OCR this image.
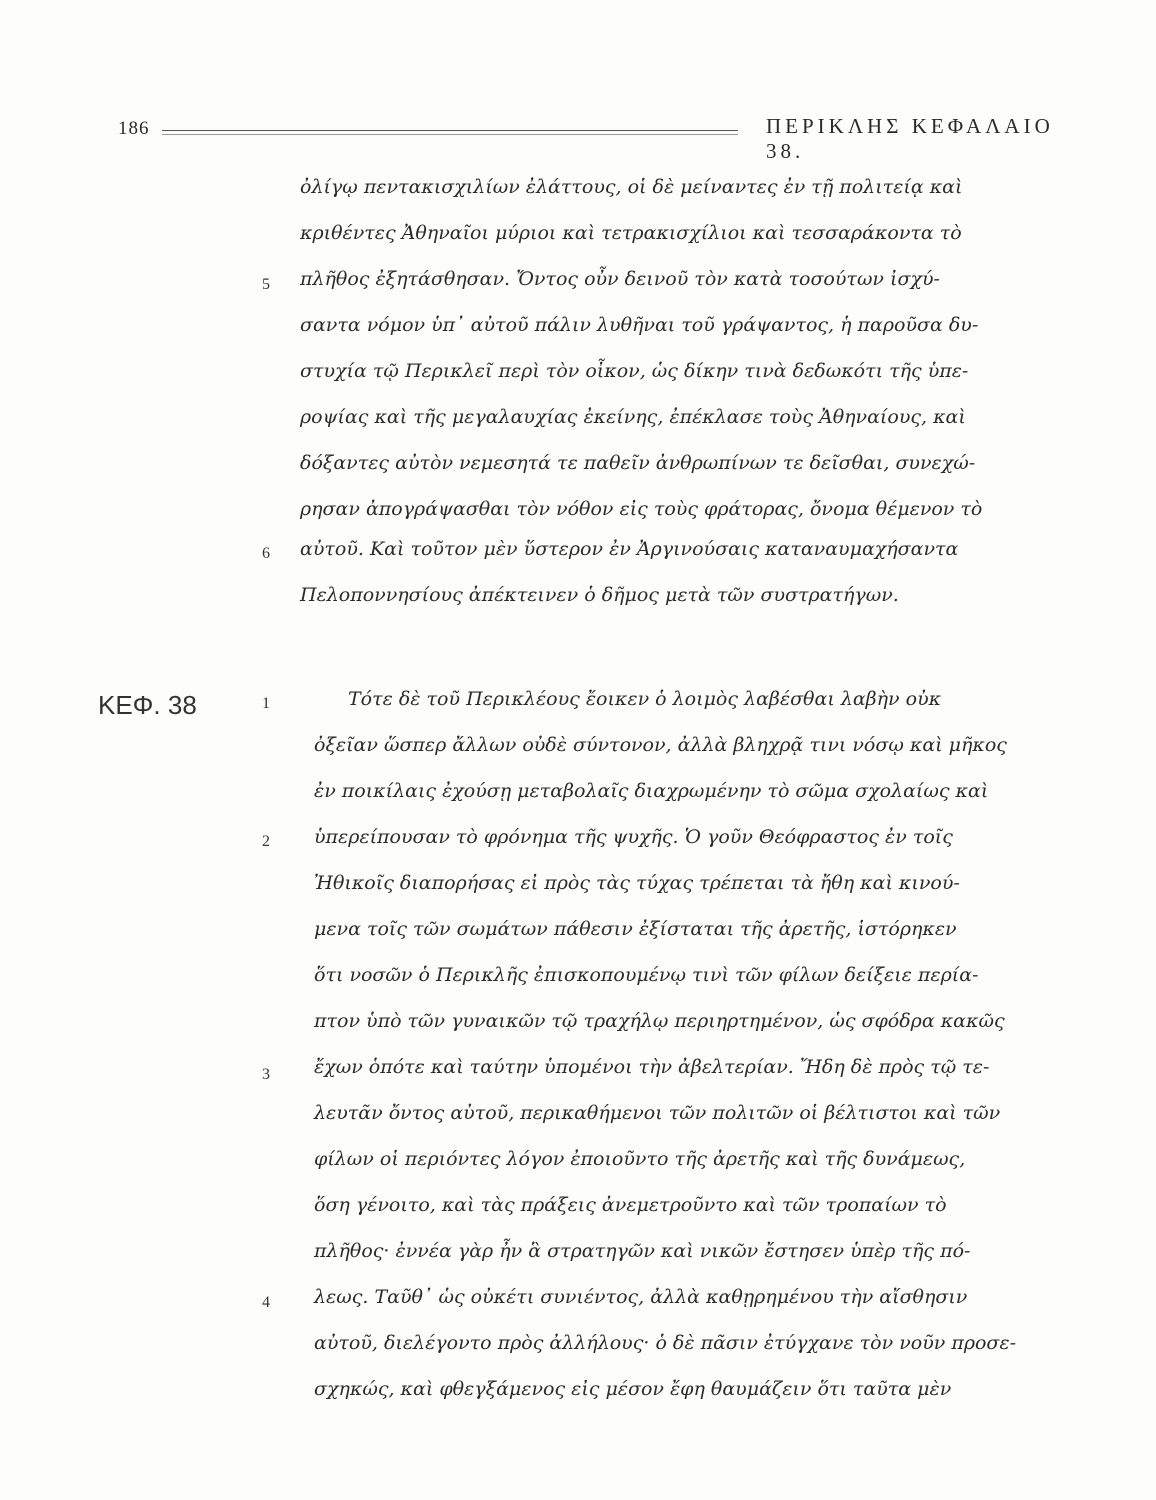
186	ΠΕΡΙΚΛΗΣ ΚΕΦΑΛΑΙΟ 38.
ΚΕΦ. 38
5
6
1
2
3
4
ὀλίγῳ πεντακισχιλίων ἐλάττους, οἱ δὲ μείναντες ἐν τῇ πολιτείᾳ καὶ
κριθέντες Ἀθηναῖοι μύριοι καὶ τετρακισχίλιοι καὶ τεσσαράκοντα τὸ
πλῆθος ἐξητάσθησαν. Ὄντος οὖν δεινοῦ τὸν κατὰ τοσούτων ἰσχύ-
σαντα νόμον ὑπ᾽ αὐτοῦ πάλιν λυθῆναι τοῦ γράψαντος, ἡ παροῦσα δυ-
στυχία τῷ Περικλεῖ περὶ τὸν οἶκον, ὡς δίκην τινὰ δεδωκότι τῆς ὑπε-
ροψίας καὶ τῆς μεγαλαυχίας ἐκείνης, ἐπέκλασε τοὺς Ἀθηναίους, καὶ
δόξαντες αὐτὸν νεμεσητά τε παθεῖν ἀνθρωπίνων τε δεῖσθαι, συνεχώ-
ρησαν ἀπογράψασθαι τὸν νόθον εἰς τοὺς φράτορας, ὄνομα θέμενον τὸ
αὐτοῦ. Καὶ τοῦτον μὲν ὕστερον ἐν Ἀργινούσαις καταναυμαχήσαντα
Πελοποννησίους ἀπέκτεινεν ὁ δῆμος μετὰ τῶν συστρατήγων.
Τότε δὲ τοῦ Περικλέους ἔοικεν ὁ λοιμὸς λαβέσθαι λαβὴν οὐκ
ὀξεῖαν ὥσπερ ἄλλων οὐδὲ σύντονον, ἀλλὰ βληχρᾷ τινι νόσῳ καὶ μῆκος
ἐν ποικίλαις ἐχούσῃ μεταβολαῖς διαχρωμένην τὸ σῶμα σχολαίως καὶ
ὑπερείπουσαν τὸ φρόνημα τῆς ψυχῆς. Ὁ γοῦν Θεόφραστος ἐν τοῖς
Ἠθικοῖς διαπορήσας εἰ πρὸς τὰς τύχας τρέπεται τὰ ἤθη καὶ κινού-
μενα τοῖς τῶν σωμάτων πάθεσιν ἐξίσταται τῆς ἀρετῆς, ἱστόρηκεν
ὅτι νοσῶν ὁ Περικλῆς ἐπισκοπουμένῳ τινὶ τῶν φίλων δείξειε περία-
πτον ὑπὸ τῶν γυναικῶν τῷ τραχήλῳ περιηρτημένον, ὡς σφόδρα κακῶς
ἔχων ὁπότε καὶ ταύτην ὑπομένοι τὴν ἀβελτερίαν. Ἤδη δὲ πρὸς τῷ τε-
λευτᾶν ὄντος αὐτοῦ, περικαθήμενοι τῶν πολιτῶν οἱ βέλτιστοι καὶ τῶν
φίλων οἱ περιόντες λόγον ἐποιοῦντο τῆς ἀρετῆς καὶ τῆς δυνάμεως,
ὅση γένοιτο, καὶ τὰς πράξεις ἀνεμετροῦντο καὶ τῶν τροπαίων τὸ
πλῆθος· ἐννέα γὰρ ἦν ἃ στρατηγῶν καὶ νικῶν ἔστησεν ὑπὲρ τῆς πό-
λεως. Ταῦθ᾽ ὡς οὐκέτι συνιέντος, ἀλλὰ καθῃρημένου τὴν αἴσθησιν
αὐτοῦ, διελέγοντο πρὸς ἀλλήλους· ὁ δὲ πᾶσιν ἐτύγχανε τὸν νοῦν προσε-
σχηκώς, καὶ φθεγξάμενος εἰς μέσον ἔφη θαυμάζειν ὅτι ταῦτα μὲν
